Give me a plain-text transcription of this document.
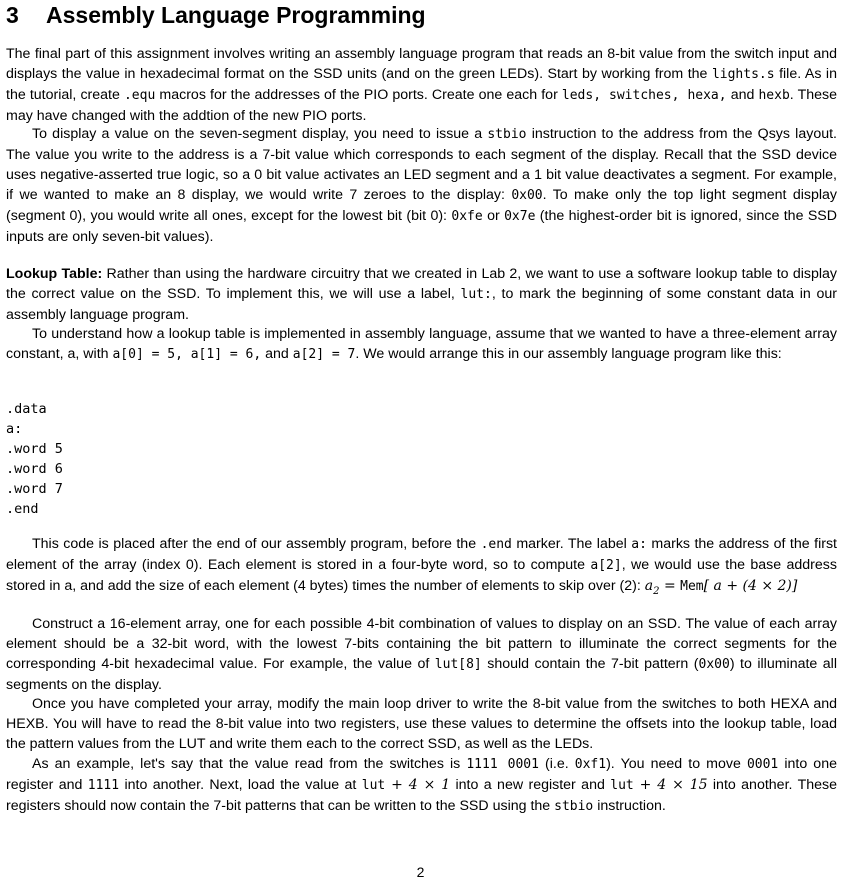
3 Assembly Language Programming

The final part of this assignment involves writing an assembly language program that reads an 8-bit value from the switch input and displays the value in hexadecimal format on the SSD units (and on the green LEDs). Start by working from the lights.s file. As in the tutorial, create .equ macros for the addresses of the PIO ports. Create one each for leds, switches, hexa, and hexb. These may have changed with the addtion of the new PIO ports.

To display a value on the seven-segment display, you need to issue a stbio instruction to the address from the Qsys layout. The value you write to the address is a 7-bit value which corresponds to each segment of the display. Recall that the SSD device uses negative-asserted true logic, so a 0 bit value activates an LED segment and a 1 bit value deactivates a segment. For example, if we wanted to make an 8 display, we would write 7 zeroes to the display: 0x00. To make only the top light segment display (segment 0), you would write all ones, except for the lowest bit (bit 0): 0xfe or 0x7e (the highest-order bit is ignored, since the SSD inputs are only seven-bit values).

Lookup Table: Rather than using the hardware circuitry that we created in Lab 2, we want to use a software lookup table to display the correct value on the SSD. To implement this, we will use a label, lut:, to mark the beginning of some constant data in our assembly language program.

To understand how a lookup table is implemented in assembly language, assume that we wanted to have a three-element array constant, a, with a[0] = 5, a[1] = 6, and a[2] = 7. We would arrange this in our assembly language program like this:

.data
a:
.word 5
.word 6
.word 7
.end

This code is placed after the end of our assembly program, before the .end marker. The label a: marks the address of the first element of the array (index 0). Each element is stored in a four-byte word, so to compute a[2], we would use the base address stored in a, and add the size of each element (4 bytes) times the number of elements to skip over (2): $a_2 = Mem$[ a + (4 × 2)]

Construct a 16-element array, one for each possible 4-bit combination of values to display on an SSD. The value of each array element should be a 32-bit word, with the lowest 7-bits containing the bit pattern to illuminate the correct segments for the corresponding 4-bit hexadecimal value. For example, the value of lut[8] should contain the 7-bit pattern (0x00) to illuminate all segments on the display.

Once you have completed your array, modify the main loop driver to write the 8-bit value from the switches to both HEXA and HEXB. You will have to read the 8-bit value into two registers, use these values to determine the offsets into the lookup table, load the pattern values from the LUT and write them each to the correct SSD, as well as the LEDs.

As an example, let's say that the value read from the switches is 1111 0001 (i.e. 0xf1). You need to move 0001 into one register and 1111 into another. Next, load the value at lut + 4 × 1 into a new register and lut + 4 × 15 into another. These registers should now contain the 7-bit patterns that can be written to the SSD using the stbio instruction.

2
